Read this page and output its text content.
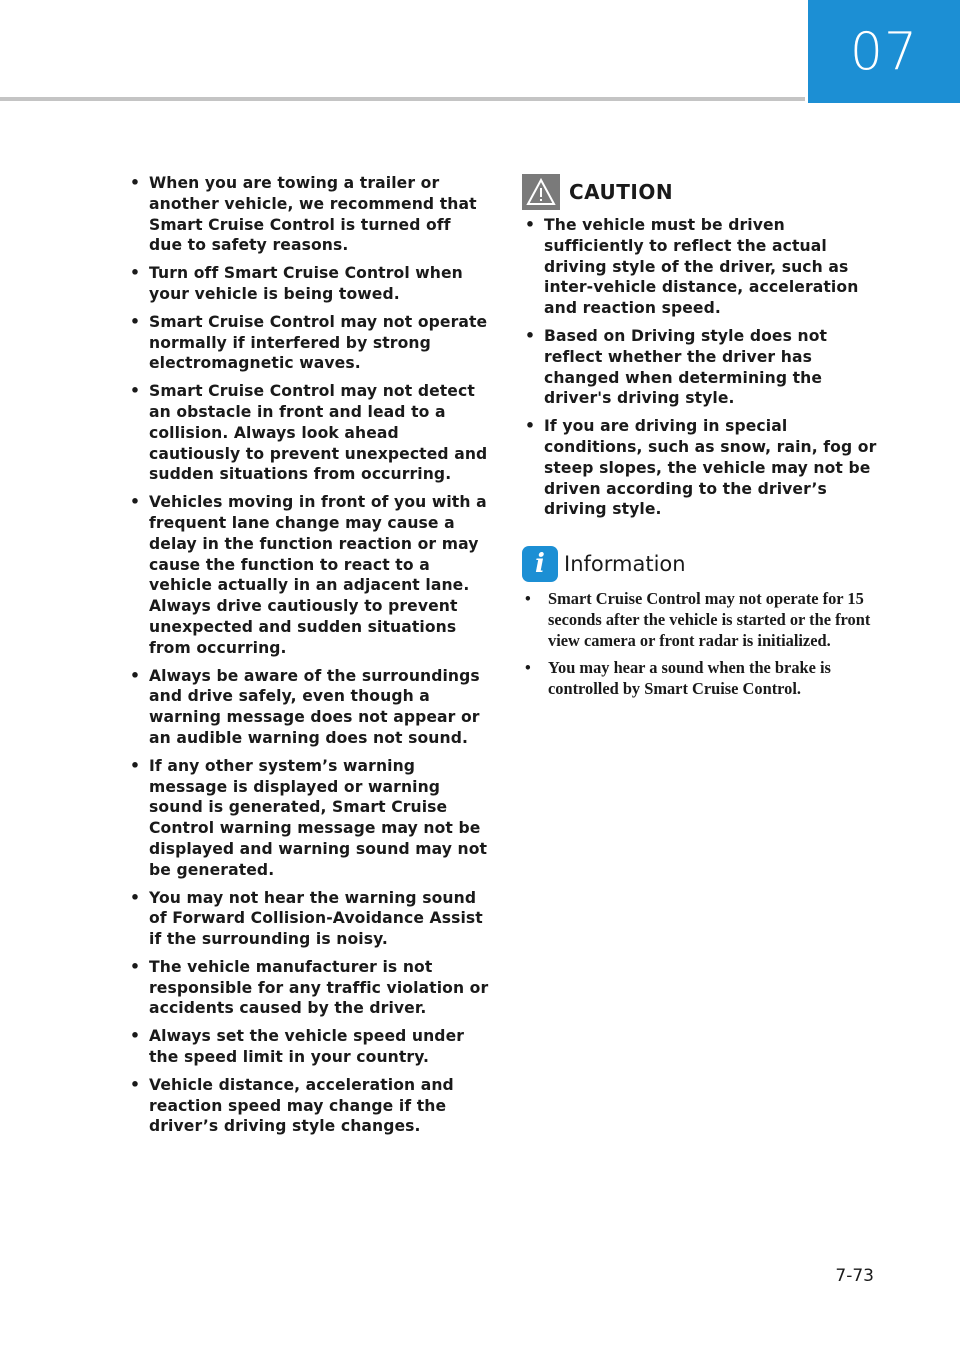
07
• When you are towing a trailer or another vehicle, we recommend that Smart Cruise Control is turned off due to safety reasons.
• Turn off Smart Cruise Control when your vehicle is being towed.
• Smart Cruise Control may not operate normally if interfered by strong electromagnetic waves.
• Smart Cruise Control may not detect an obstacle in front and lead to a collision. Always look ahead cautiously to prevent unexpected and sudden situations from occurring.
• Vehicles moving in front of you with a frequent lane change may cause a delay in the function reaction or may cause the function to react to a vehicle actually in an adjacent lane. Always drive cautiously to prevent unexpected and sudden situations from occurring.
• Always be aware of the surroundings and drive safely, even though a warning message does not appear or an audible warning does not sound.
• If any other system’s warning message is displayed or warning sound is generated, Smart Cruise Control warning message may not be displayed and warning sound may not be generated.
• You may not hear the warning sound of Forward Collision-Avoidance Assist if the surrounding is noisy.
• The vehicle manufacturer is not responsible for any traffic violation or accidents caused by the driver.
• Always set the vehicle speed under the speed limit in your country.
• Vehicle distance, acceleration and reaction speed may change if the driver’s driving style changes.
CAUTION
• The vehicle must be driven sufficiently to reflect the actual driving style of the driver, such as inter-vehicle distance, acceleration and reaction speed.
• Based on Driving style does not reflect whether the driver has changed when determining the driver's driving style.
• If you are driving in special conditions, such as snow, rain, fog or steep slopes, the vehicle may not be driven according to the driver’s driving style.
i Information
• Smart Cruise Control may not operate for 15 seconds after the vehicle is started or the front view camera or front radar is initialized.
• You may hear a sound when the brake is controlled by Smart Cruise Control.
7-73
